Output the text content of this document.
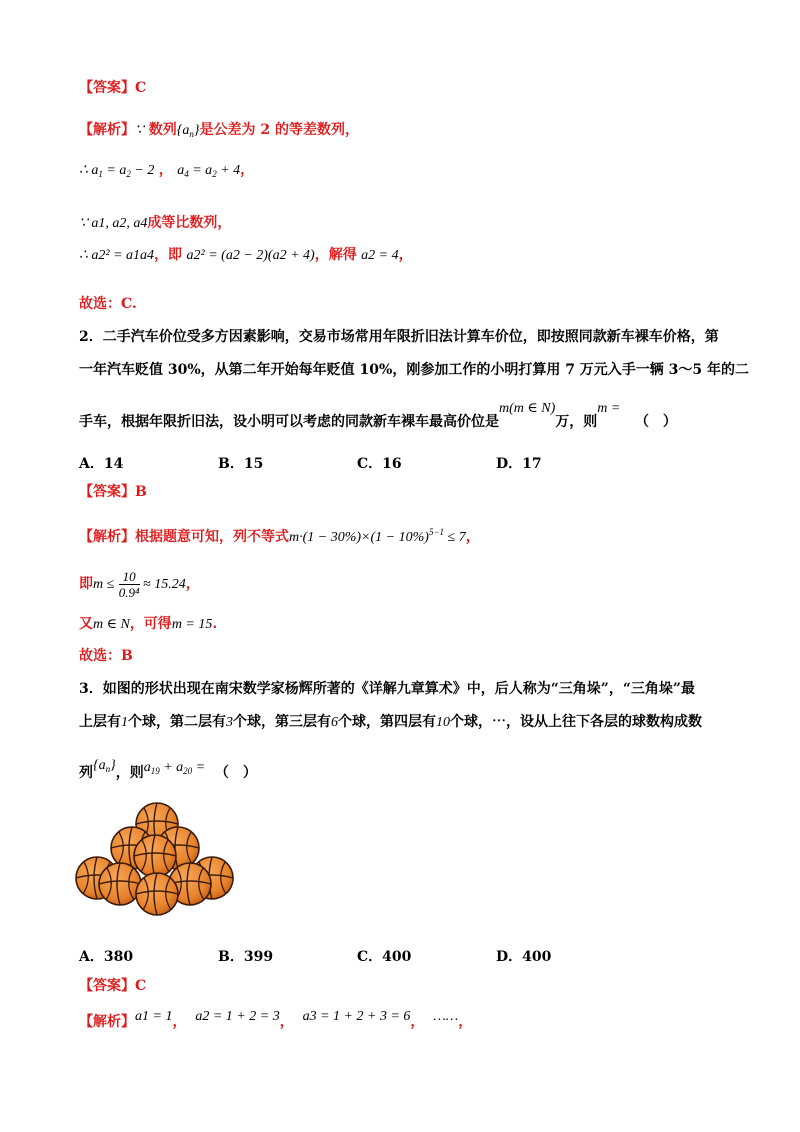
【答案】C
【解析】∵ 数列$\{a_n\}$是公差为 2 的等差数列，
∴ $a_1 = a_2 - 2$ ， $a_4 = a_2 + 4$，
∵ a1, a2, a4成等比数列，
∴ a2² = a1a4，即 a2² = (a2 − 2)(a2 + 4)，解得 a2 = 4，
故选：C.
2．二手汽车价位受多方因素影响，交易市场常用年限折旧法计算车价位，即按照同款新车裸车价格，第
一年汽车贬值 30%，从第二年开始每年贬值 10%，刚参加工作的小明打算用 7 万元入手一辆 3～5 年的二
手车，根据年限折旧法，设小明可以考虑的同款新车裸车最高价位是m(m ∈ N)万，则m =   （　）
A．14	B．15	C．16	D．17
【答案】B
【解析】根据题意可知，列不等式$m\cdot(1 - 30\%)\times(1 - 10\%)^{5-1} \le 7$，
即$m \le \frac{10}{\text{0.9⁴}} \approx 15.24$，
又m ∈ N，可得m = 15.
故选：B
3．如图的形状出现在南宋数学家杨辉所著的《详解九章算术》中，后人称为“三角垛”，“三角垛”最
上层有1个球，第二层有3个球，第三层有6个球，第四层有10个球，⋯，设从上往下各层的球数构成数
列$\{a_n\}$，则$a_{19} + a_{20}$ = （　）
A．380	B．399	C．400	D．400
【答案】C
【解析】a1 = 1， a2 = 1 + 2 = 3， a3 = 1 + 2 + 3 = 6， ……，
